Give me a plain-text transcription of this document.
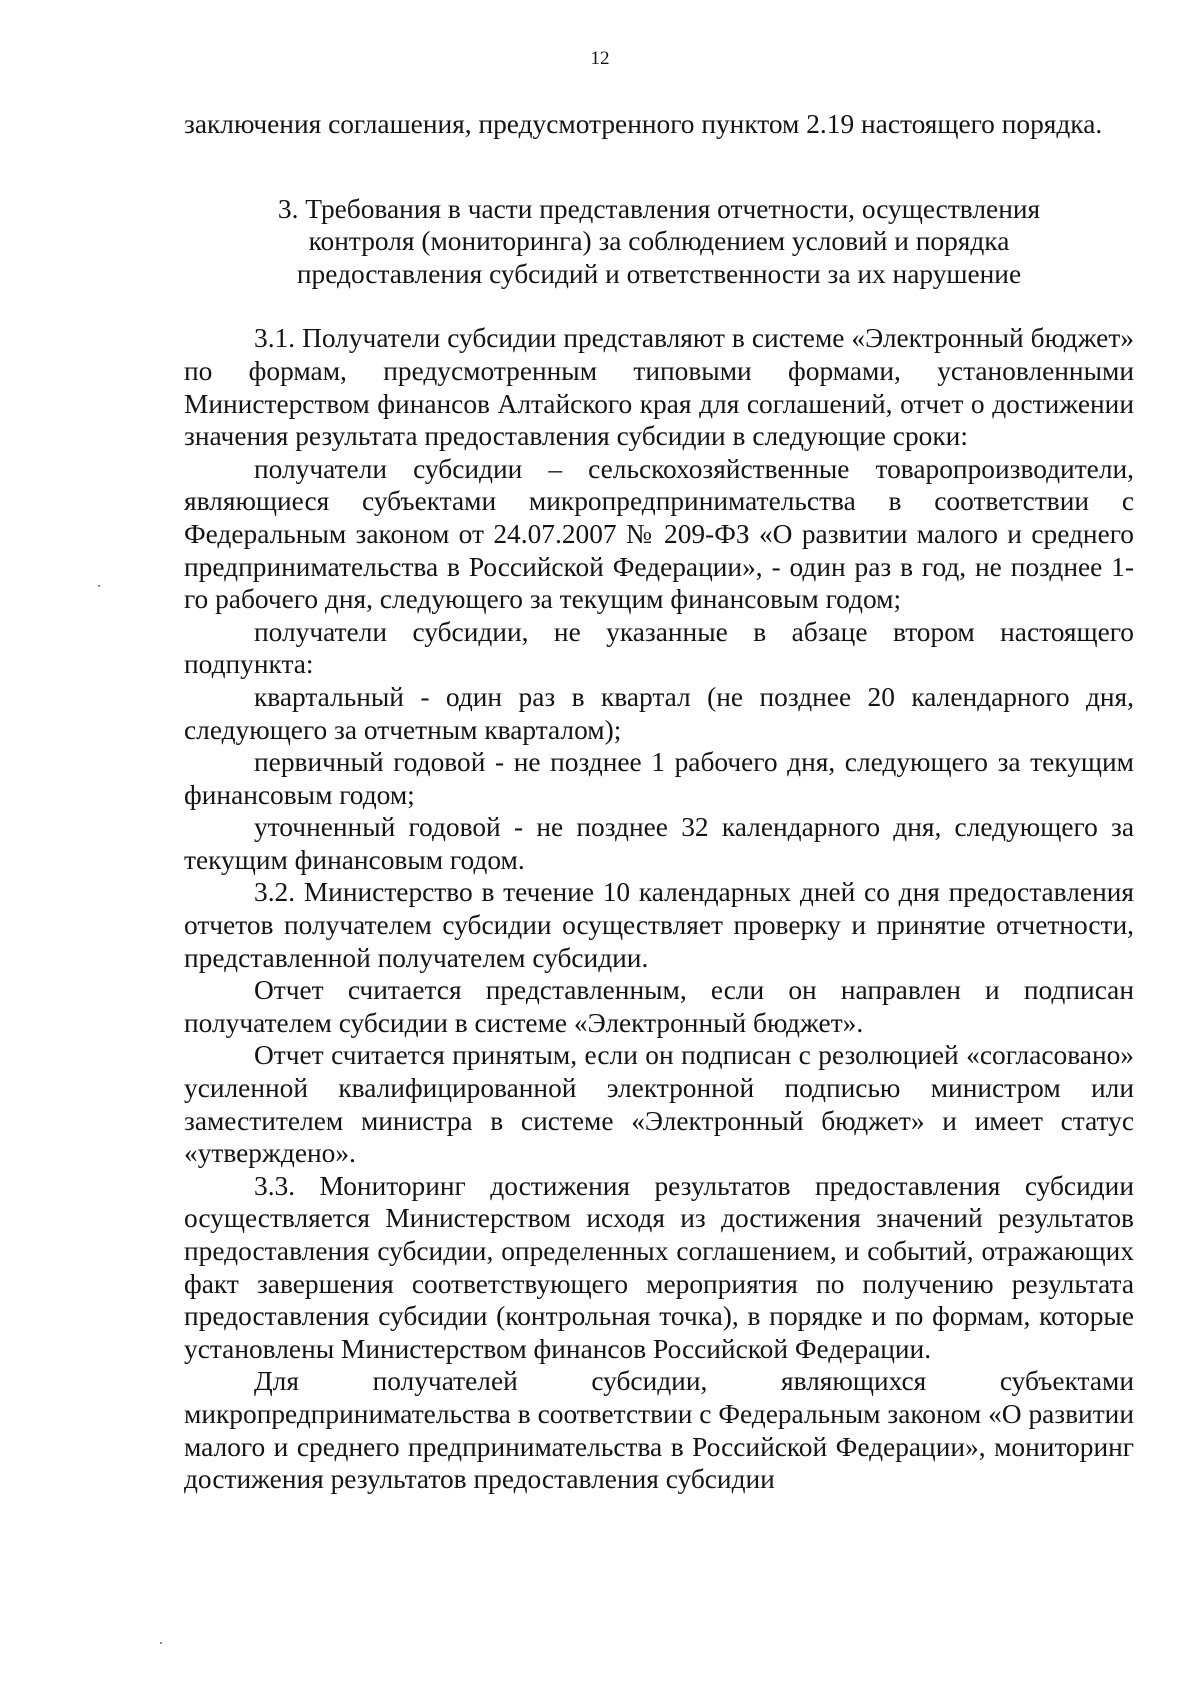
12

заключения соглашения, предусмотренного пунктом 2.19 настоящего порядка.

3. Требования в части представления отчетности, осуществления контроля (мониторинга) за соблюдением условий и порядка предоставления субсидий и ответственности за их нарушение

3.1. Получатели субсидии представляют в системе «Электронный бюджет» по формам, предусмотренным типовыми формами, установленными Министерством финансов Алтайского края для соглашений, отчет о достижении значения результата предоставления субсидии в следующие сроки:

получатели субсидии – сельскохозяйственные товаропроизводители, являющиеся субъектами микропредпринимательства в соответствии с Федеральным законом от 24.07.2007 № 209-ФЗ «О развитии малого и среднего предпринимательства в Российской Федерации», - один раз в год, не позднее 1-го рабочего дня, следующего за текущим финансовым годом;

получатели субсидии, не указанные в абзаце втором настоящего подпункта:

квартальный - один раз в квартал (не позднее 20 календарного дня, следующего за отчетным кварталом);

первичный годовой - не позднее 1 рабочего дня, следующего за текущим финансовым годом;

уточненный годовой - не позднее 32 календарного дня, следующего за текущим финансовым годом.

3.2. Министерство в течение 10 календарных дней со дня предоставления отчетов получателем субсидии осуществляет проверку и принятие отчетности, представленной получателем субсидии.

Отчет считается представленным, если он направлен и подписан получателем субсидии в системе «Электронный бюджет».

Отчет считается принятым, если он подписан с резолюцией «согласовано» усиленной квалифицированной электронной подписью министром или заместителем министра в системе «Электронный бюджет» и имеет статус «утверждено».

3.3. Мониторинг достижения результатов предоставления субсидии осуществляется Министерством исходя из достижения значений результатов предоставления субсидии, определенных соглашением, и событий, отражающих факт завершения соответствующего мероприятия по получению результата предоставления субсидии (контрольная точка), в порядке и по формам, которые установлены Министерством финансов Российской Федерации.

Для получателей субсидии, являющихся субъектами микропредпринимательства в соответствии с Федеральным законом «О развитии малого и среднего предпринимательства в Российской Федерации», мониторинг достижения результатов предоставления субсидии
